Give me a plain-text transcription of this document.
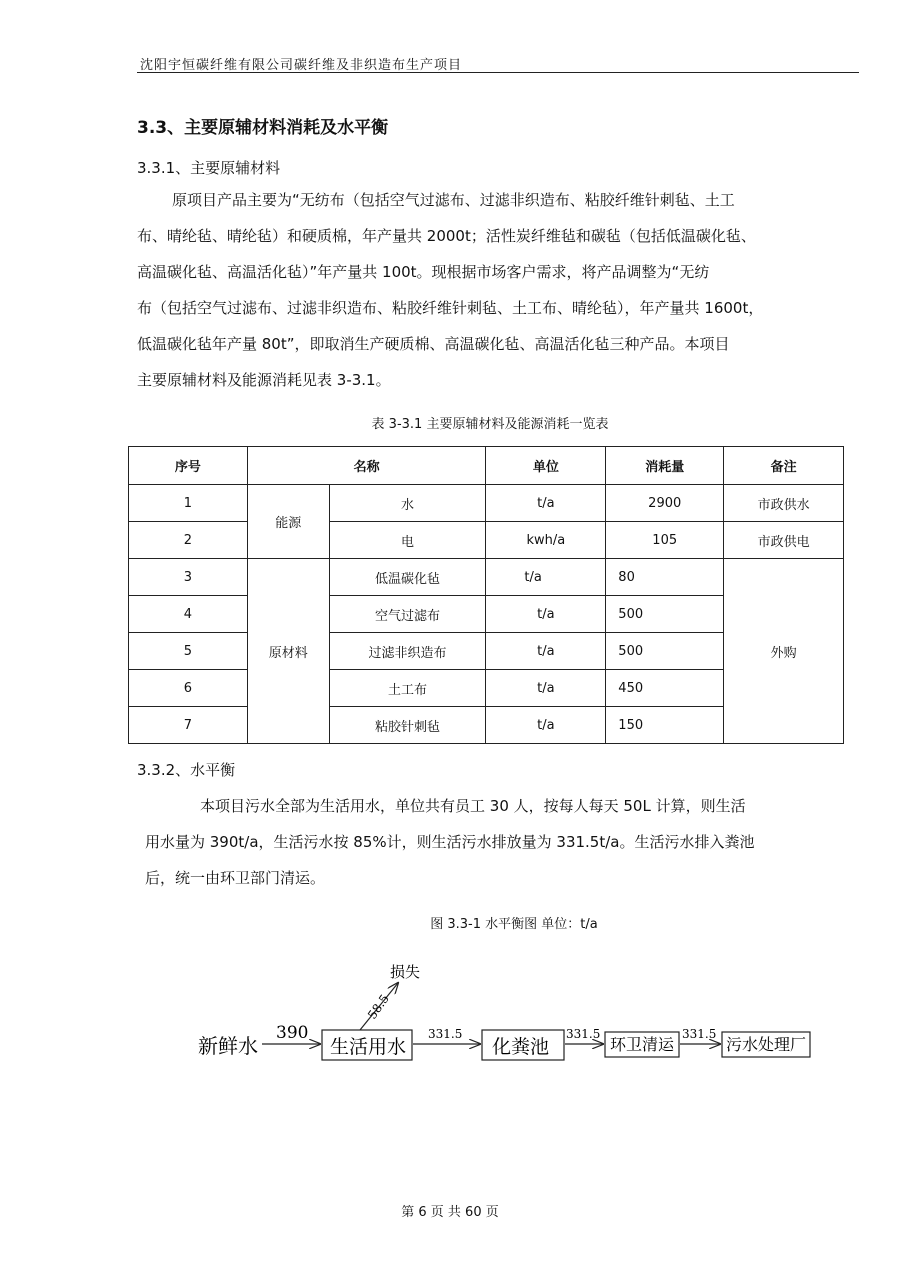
沈阳宇恒碳纤维有限公司碳纤维及非织造布生产项目
3.3、主要原辅材料消耗及水平衡
3.3.1、主要原辅材料
原项目产品主要为“无纺布（包括空气过滤布、过滤非织造布、粘胶纤维针刺毡、土工
布、晴纶毡、晴纶毡）和硬质棉，年产量共 2000t；活性炭纤维毡和碳毡（包括低温碳化毡、
高温碳化毡、高温活化毡）”年产量共 100t。现根据市场客户需求，将产品调整为“无纺
布（包括空气过滤布、过滤非织造布、粘胶纤维针刺毡、土工布、晴纶毡），年产量共 1600t，
低温碳化毡年产量 80t”，即取消生产硬质棉、高温碳化毡、高温活化毡三种产品。本项目
主要原辅材料及能源消耗见表 3-3.1。
表 3-3.1 主要原辅材料及能源消耗一览表
序号	名称		单位	消耗量	备注
1	能源	水	t/a	2900	市政供水
2		电	kwh/a	105	市政供电
3	原材料	低温碳化毡	t/a	80	外购
4		空气过滤布	t/a	500	
5		过滤非织造布	t/a	500	
6		土工布	t/a	450	
7		粘胶针刺毡	t/a	150	
3.3.2、水平衡
本项目污水全部为生活用水，单位共有员工 30 人，按每人每天 50L 计算，则生活
用水量为 390t/a，生活污水按 85%计，则生活污水排放量为 331.5t/a。生活污水排入粪池
后，统一由环卫部门清运。
图 3.3-1 水平衡图 单位：t/a
新鲜水
390
生活用水
损失
58.5
331.5
化粪池
331.5
环卫清运
331.5
污水处理厂
第 6 页 共 60 页
